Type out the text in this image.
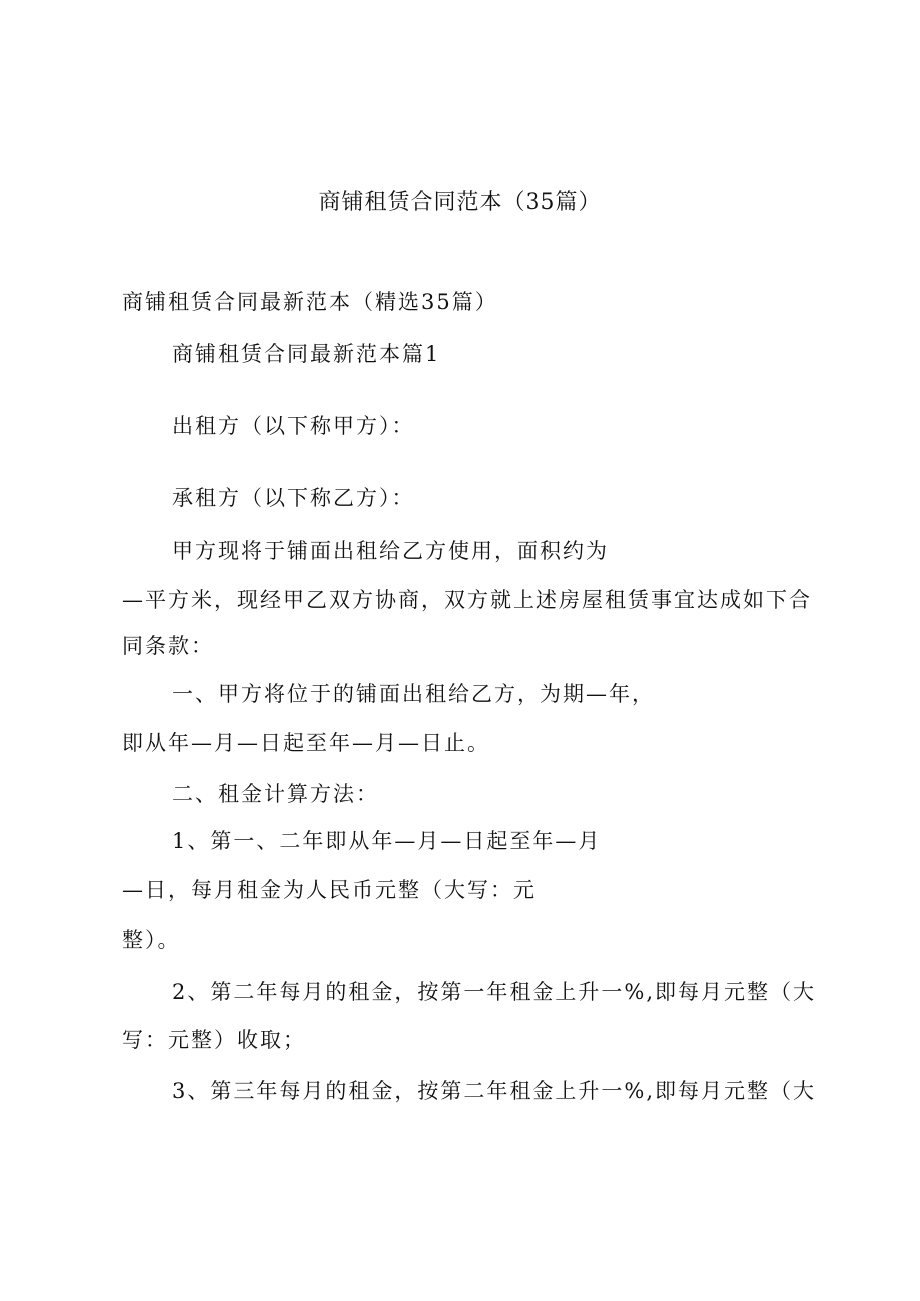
商铺租赁合同范本（35篇）
商铺租赁合同最新范本（精选35篇）
商铺租赁合同最新范本篇1
出租方（以下称甲方）：
承租方（以下称乙方）：
甲方现将于铺面出租给乙方使用，面积约为
—平方米，现经甲乙双方协商，双方就上述房屋租赁事宜达成如下合
同条款：
一、甲方将位于的铺面出租给乙方，为期—年，
即从年—月—日起至年—月—日止。
二、租金计算方法：
1、第一、二年即从年—月—日起至年—月
—日，每月租金为人民币元整（大写：元
整）。
2、第二年每月的租金，按第一年租金上升一%,即每月元整（大
写：元整）收取；
3、第三年每月的租金，按第二年租金上升一%,即每月元整（大
